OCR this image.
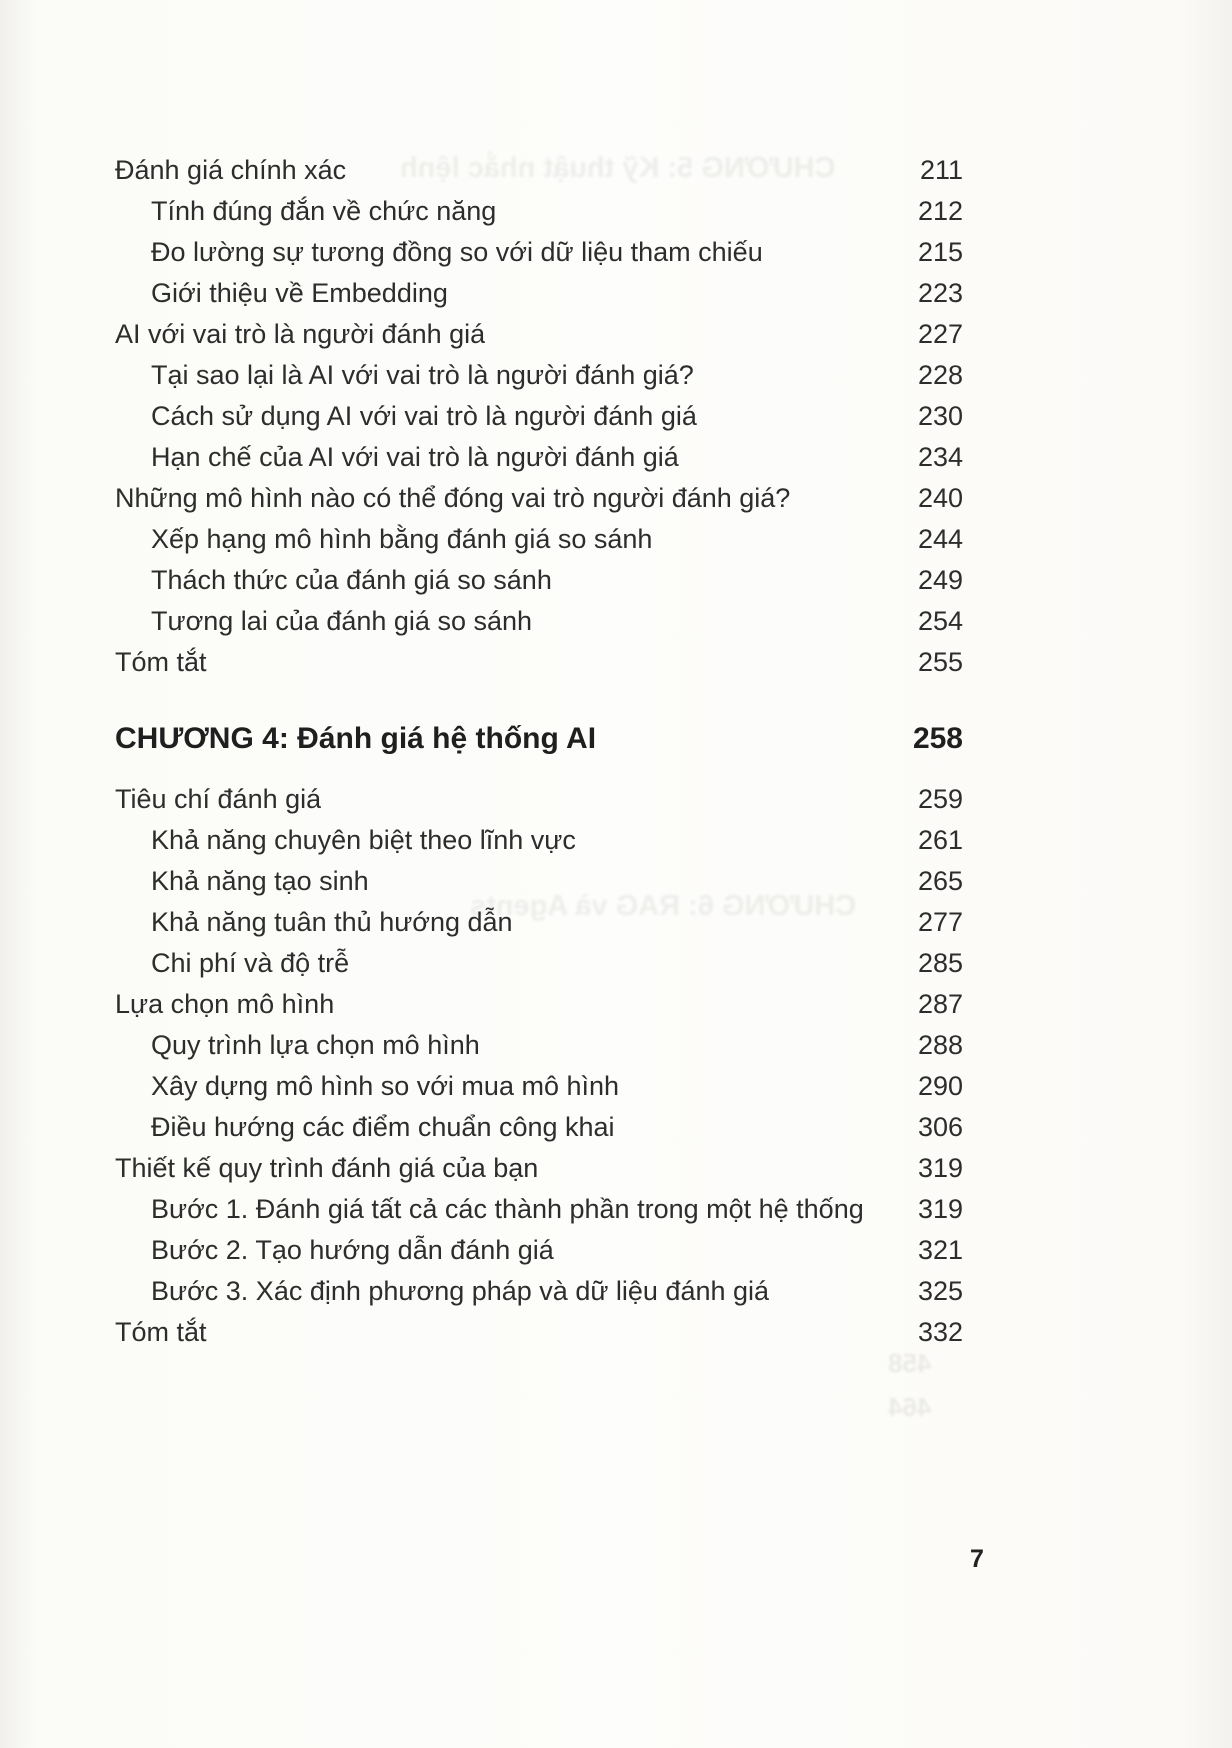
CHƯƠNG 5: Kỹ thuật nhắc lệnh
CHƯƠNG 6: RAG và Agents
458
464
Đánh giá chính xác	211
Tính đúng đắn về chức năng	212
Đo lường sự tương đồng so với dữ liệu tham chiếu	215
Giới thiệu về Embedding	223
AI với vai trò là người đánh giá	227
Tại sao lại là AI với vai trò là người đánh giá?	228
Cách sử dụng AI với vai trò là người đánh giá	230
Hạn chế của AI với vai trò là người đánh giá	234
Những mô hình nào có thể đóng vai trò người đánh giá?	240
Xếp hạng mô hình bằng đánh giá so sánh	244
Thách thức của đánh giá so sánh	249
Tương lai của đánh giá so sánh	254
Tóm tắt	255
CHƯƠNG 4: Đánh giá hệ thống AI	258
Tiêu chí đánh giá	259
Khả năng chuyên biệt theo lĩnh vực	261
Khả năng tạo sinh	265
Khả năng tuân thủ hướng dẫn	277
Chi phí và độ trễ	285
Lựa chọn mô hình	287
Quy trình lựa chọn mô hình	288
Xây dựng mô hình so với mua mô hình	290
Điều hướng các điểm chuẩn công khai	306
Thiết kế quy trình đánh giá của bạn	319
Bước 1. Đánh giá tất cả các thành phần trong một hệ thống	319
Bước 2. Tạo hướng dẫn đánh giá	321
Bước 3. Xác định phương pháp và dữ liệu đánh giá	325
Tóm tắt	332
7
